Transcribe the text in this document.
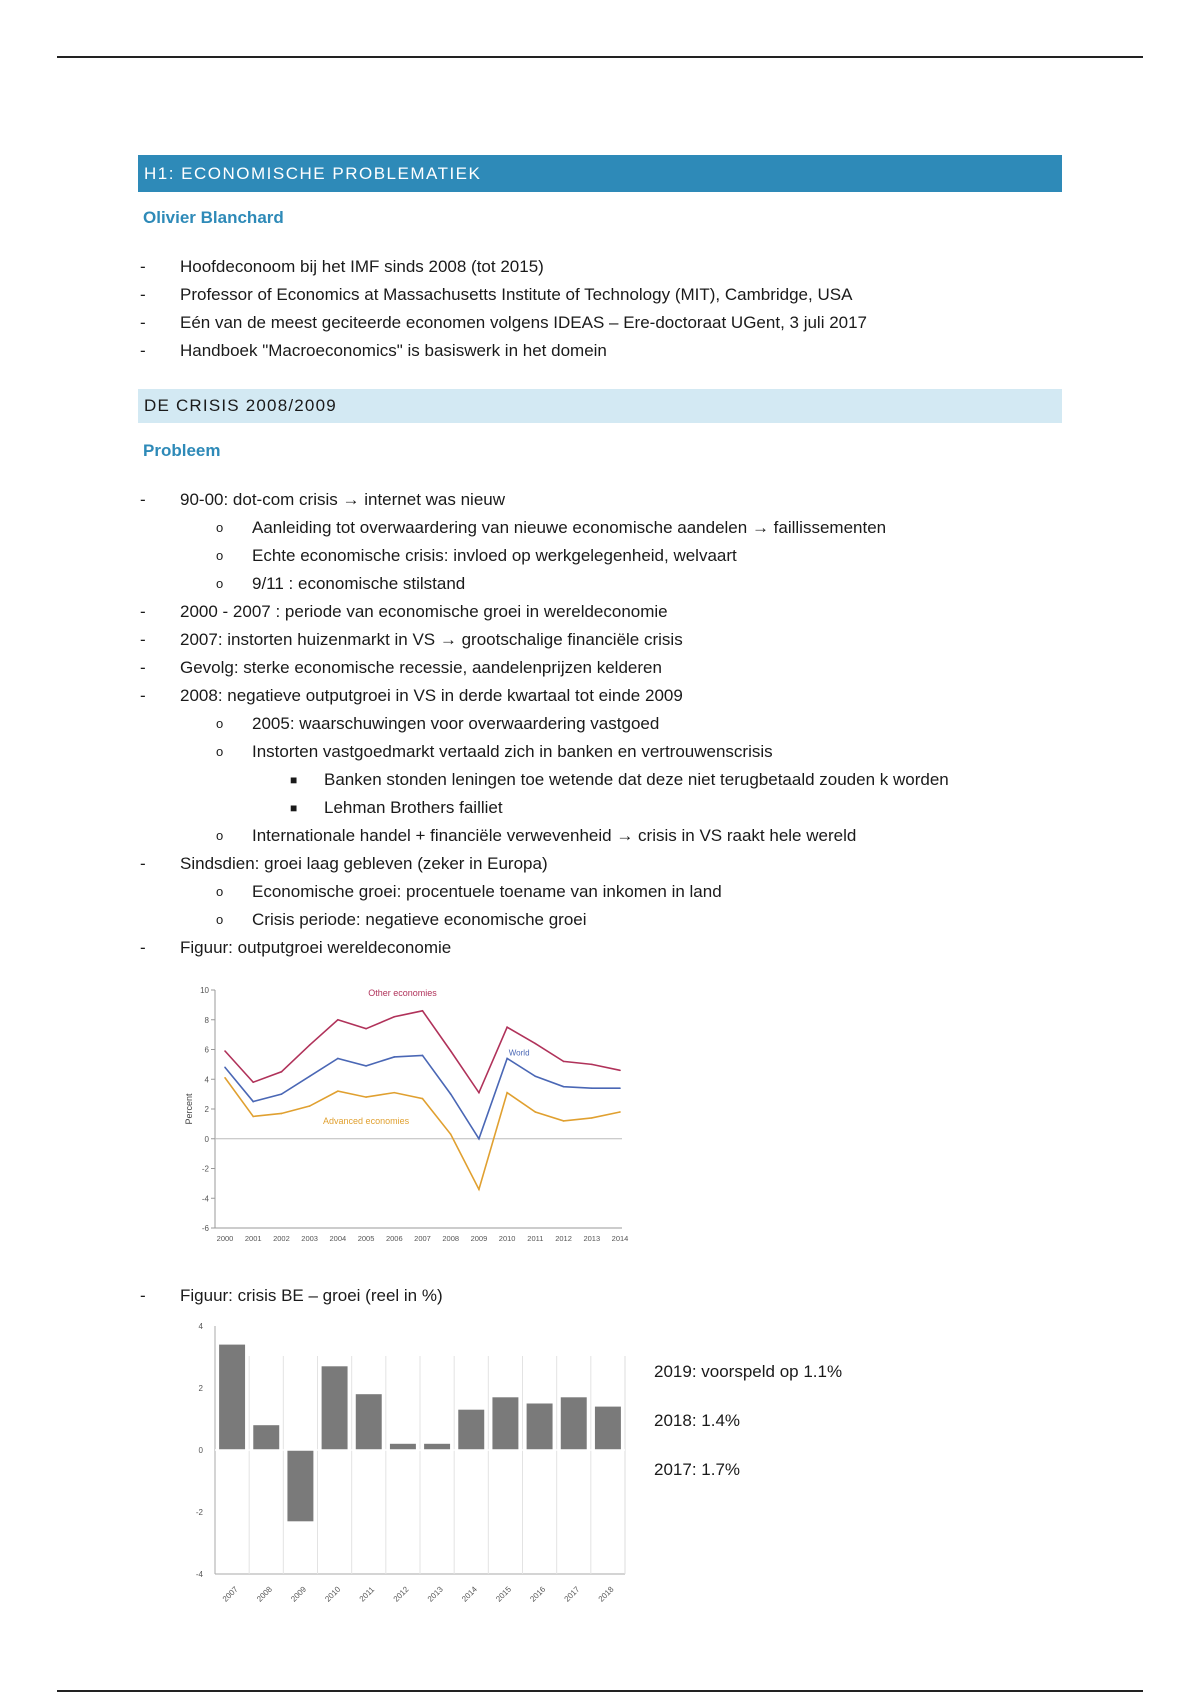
H1: ECONOMISCHE PROBLEMATIEK
Olivier Blanchard
- Hoofdeconoom bij het IMF sinds 2008 (tot 2015)
- Professor of Economics at Massachusetts Institute of Technology (MIT), Cambridge, USA
- Eén van de meest geciteerde economen volgens IDEAS – Ere-doctoraat UGent, 3 juli 2017
- Handboek "Macroeconomics" is basiswerk in het domein
DE CRISIS 2008/2009
Probleem
- 90-00: dot-com crisis → internet was nieuw
o Aanleiding tot overwaardering van nieuwe economische aandelen → faillissementen
o Echte economische crisis: invloed op werkgelegenheid, welvaart
o 9/11 : economische stilstand
- 2000 - 2007 : periode van economische groei in wereldeconomie
- 2007: instorten huizenmarkt in VS → grootschalige financiële crisis
- Gevolg: sterke economische recessie, aandelenprijzen kelderen
- 2008: negatieve outputgroei in VS in derde kwartaal tot einde 2009
o 2005: waarschuwingen voor overwaardering vastgoed
o Instorten vastgoedmarkt vertaald zich in banken en vertrouwenscrisis
■ Banken stonden leningen toe wetende dat deze niet terugbetaald zouden k worden
■ Lehman Brothers failliet
o Internationale handel + financiële verwevenheid → crisis in VS raakt hele wereld
- Sindsdien: groei laag gebleven (zeker in Europa)
o Economische groei: procentuele toename van inkomen in land
o Crisis periode: negatieve economische groei
- Figuur: outputgroei wereldeconomie
10
8
6
4
2
0
-2
-4
-6
2000 2001 2002 2003 2004 2005 2006 2007 2008 2009 2010 2011 2012 2013 2014
Percent
Other economies
World
Advanced economies
- Figuur: crisis BE – groei (reel in %)
4
2
0
-2
-4
2007 2008 2009 2010 2011 2012 2013 2014 2015 2016 2017 2018
2019: voorspeld op 1.1%
2018: 1.4%
2017: 1.7%
